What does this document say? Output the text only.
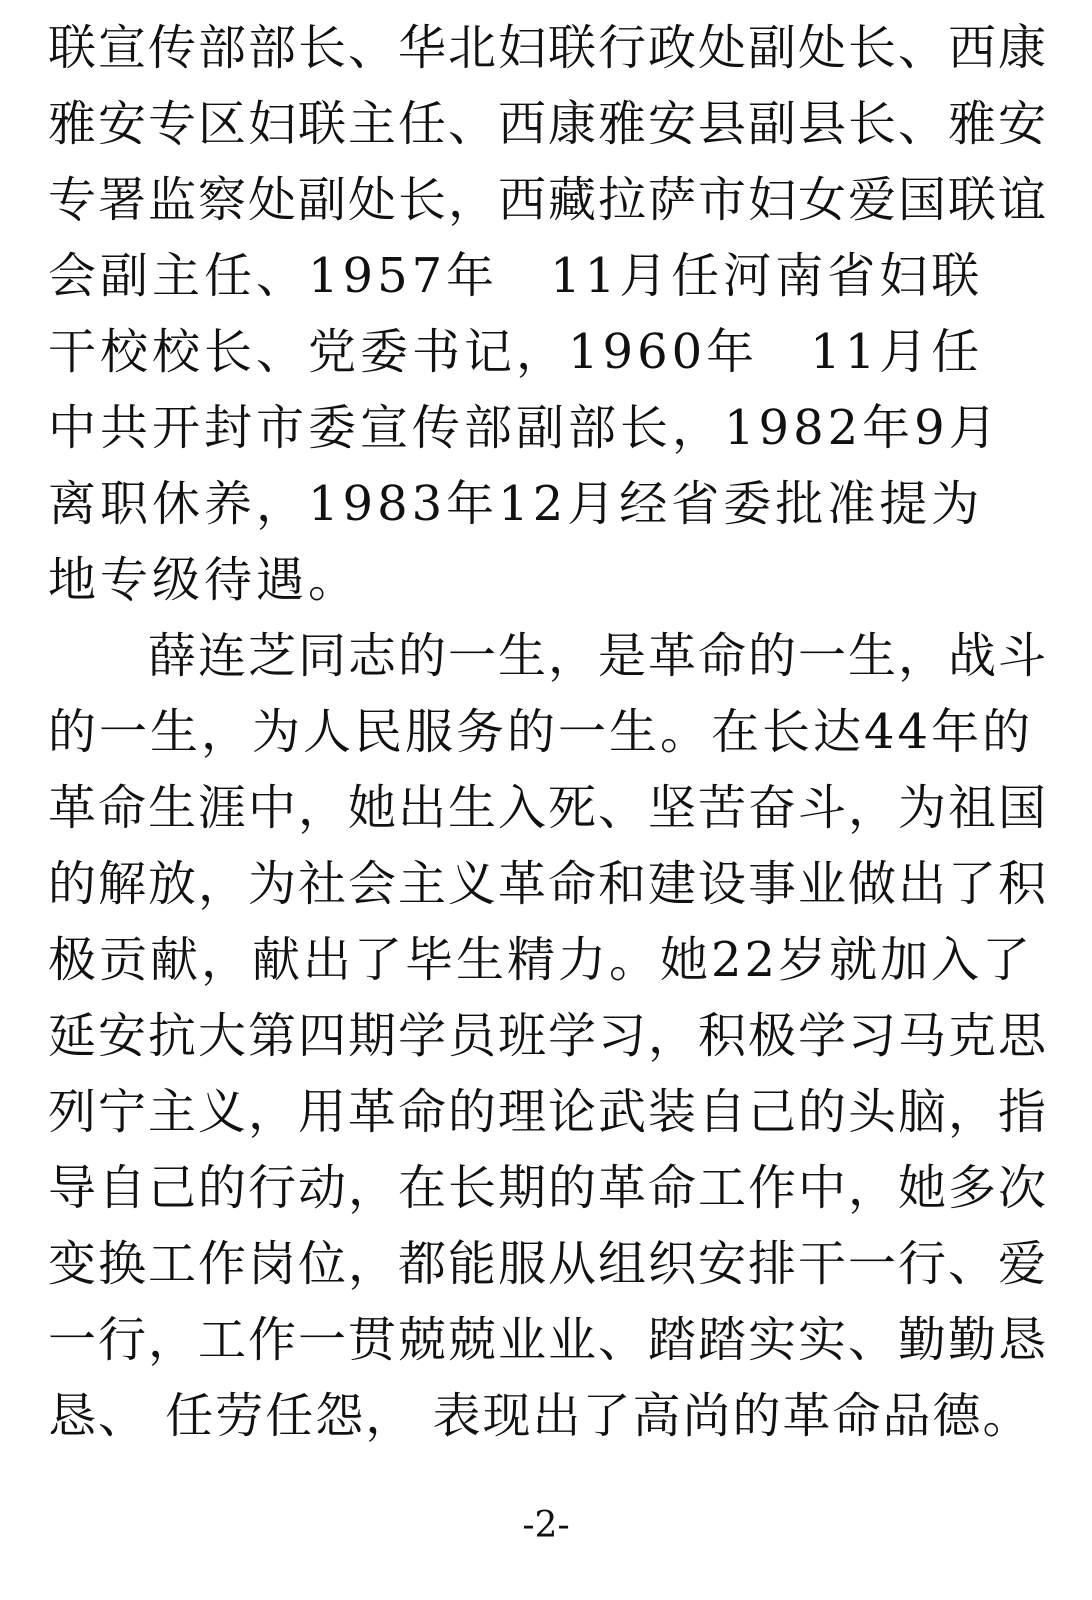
联宣传部部长、华北妇联行政处副处长、西康
雅安专区妇联主任、西康雅安县副县长、雅安
专署监察处副处长，西藏拉萨市妇女爱国联谊
会副主任、1957年　11月任河南省妇联
干校校长、党委书记，1960年　11月任
中共开封市委宣传部副部长，1982年9月
离职休养，1983年12月经省委批准提为
地专级待遇。
　　薛连芝同志的一生，是革命的一生，战斗
的一生，为人民服务的一生。在长达44年的
革命生涯中，她出生入死、坚苦奋斗，为祖国
的解放，为社会主义革命和建设事业做出了积
极贡献，献出了毕生精力。她22岁就加入了
延安抗大第四期学员班学习，积极学习马克思
列宁主义，用革命的理论武装自己的头脑，指
导自己的行动，在长期的革命工作中，她多次
变换工作岗位，都能服从组织安排干一行、爱
一行，工作一贯兢兢业业、踏踏实实、勤勤恳
恳、 任劳任怨， 表现出了高尚的革命品德。
-2-
